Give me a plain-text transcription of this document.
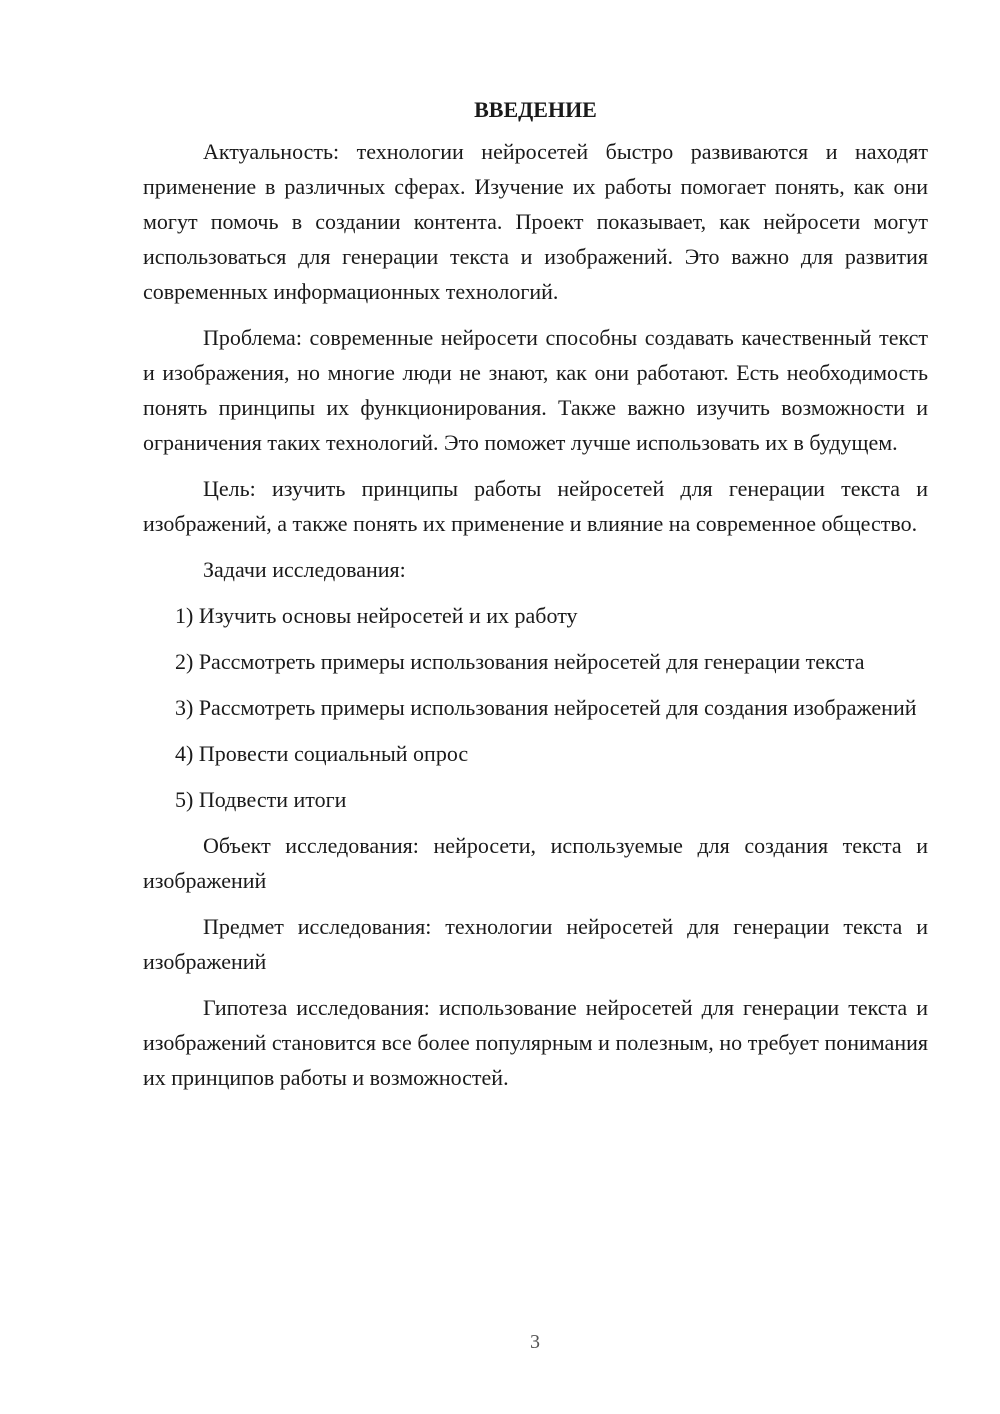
ВВЕДЕНИЕ

Актуальность: технологии нейросетей быстро развиваются и находят применение в различных сферах. Изучение их работы помогает понять, как они могут помочь в создании контента. Проект показывает, как нейросети могут использоваться для генерации текста и изображений. Это важно для развития современных информационных технологий.

Проблема: современные нейросети способны создавать качественный текст и изображения, но многие люди не знают, как они работают. Есть необходимость понять принципы их функционирования. Также важно изучить возможности и ограничения таких технологий. Это поможет лучше использовать их в будущем.

Цель: изучить принципы работы нейросетей для генерации текста и изображений, а также понять их применение и влияние на современное общество.

Задачи исследования:

1) Изучить основы нейросетей и их работу

2) Рассмотреть примеры использования нейросетей для генерации текста

3) Рассмотреть примеры использования нейросетей для создания изображений

4) Провести социальный опрос

5) Подвести итоги

Объект исследования: нейросети, используемые для создания текста и изображений

Предмет исследования: технологии нейросетей для генерации текста и изображений

Гипотеза исследования: использование нейросетей для генерации текста и изображений становится все более популярным и полезным, но требует понимания их принципов работы и возможностей.

3
